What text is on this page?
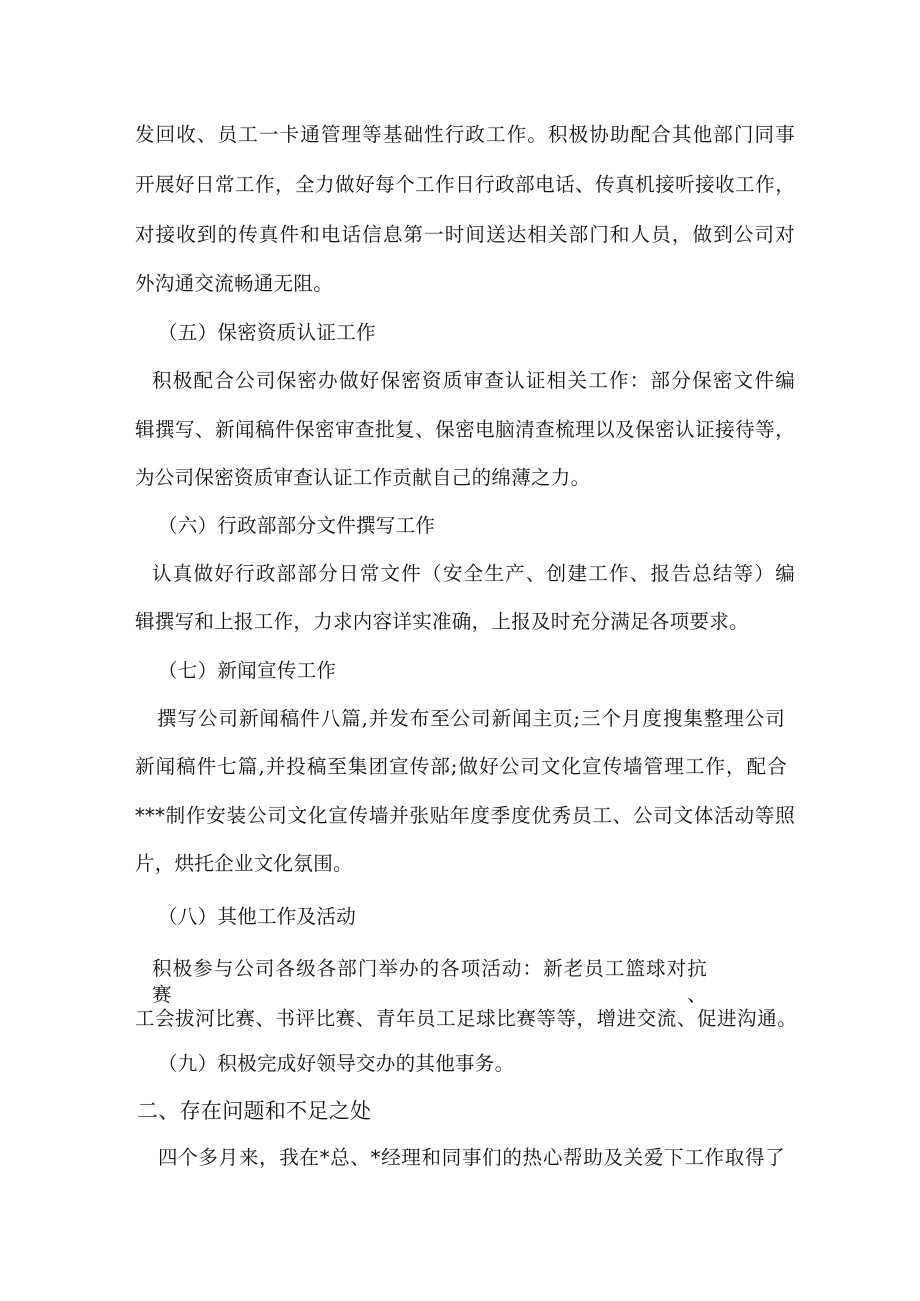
发回收、员工一卡通管理等基础性行政工作。积极协助配合其他部门同事
开展好日常工作，全力做好每个工作日行政部电话、传真机接听接收工作，
对接收到的传真件和电话信息第一时间送达相关部门和人员，做到公司对
外沟通交流畅通无阻。
（五）保密资质认证工作
积极配合公司保密办做好保密资质审查认证相关工作：部分保密文件编
辑撰写、新闻稿件保密审查批复、保密电脑清查梳理以及保密认证接待等，
为公司保密资质审查认证工作贡献自己的绵薄之力。
（六）行政部部分文件撰写工作
认真做好行政部部分日常文件（安全生产、创建工作、报告总结等）编
辑撰写和上报工作，力求内容详实准确，上报及时充分满足各项要求。
（七）新闻宣传工作
撰写公司新闻稿件八篇,并发布至公司新闻主页;三个月度搜集整理公司
新闻稿件七篇,并投稿至集团宣传部;做好公司文化宣传墙管理工作，配合
***制作安装公司文化宣传墙并张贴年度季度优秀员工、公司文体活动等照
片，烘托企业文化氛围。
（八）其他工作及活动
积极参与公司各级各部门举办的各项活动：新老员工篮球对抗赛、
工会拔河比赛、书评比赛、青年员工足球比赛等等，增进交流、促进沟通。
（九）积极完成好领导交办的其他事务。
二、存在问题和不足之处
四个多月来，我在*总、*经理和同事们的热心帮助及关爱下工作取得了
